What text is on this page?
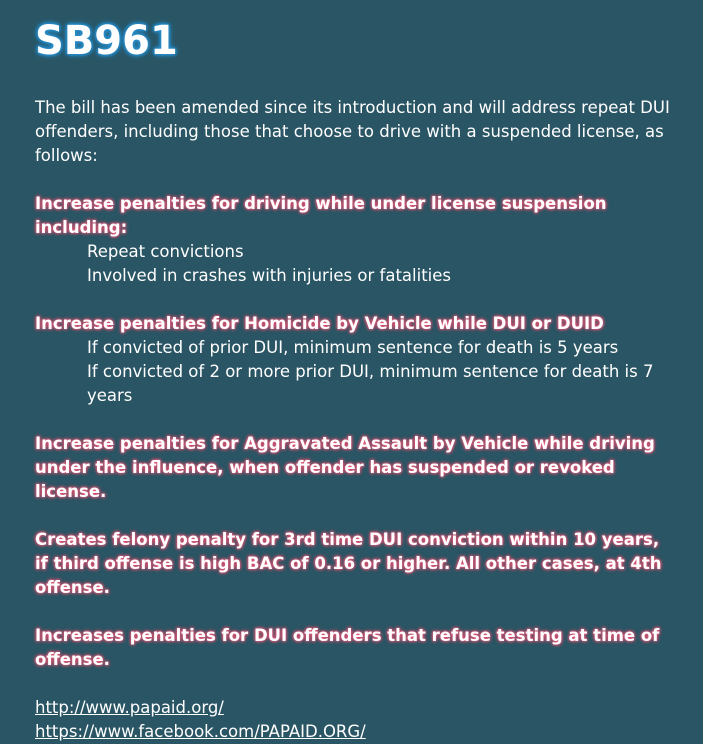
SB961

The bill has been amended since its introduction and will address repeat DUI offenders, including those that choose to drive with a suspended license, as follows:

Increase penalties for driving while under license suspension including:

Repeat convictions

Involved in crashes with injuries or fatalities

Increase penalties for Homicide by Vehicle while DUI or DUID

If convicted of prior DUI, minimum sentence for death is 5 years

If convicted of 2 or more prior DUI, minimum sentence for death is 7 years

Increase penalties for Aggravated Assault by Vehicle while driving under the influence, when offender has suspended or revoked license.

Creates felony penalty for 3rd time DUI conviction within 10 years, if third offense is high BAC of 0.16 or higher. All other cases, at 4th offense.

Increases penalties for DUI offenders that refuse testing at time of offense.

http://www.papaid.org/
https://www.facebook.com/PAPAID.ORG/
